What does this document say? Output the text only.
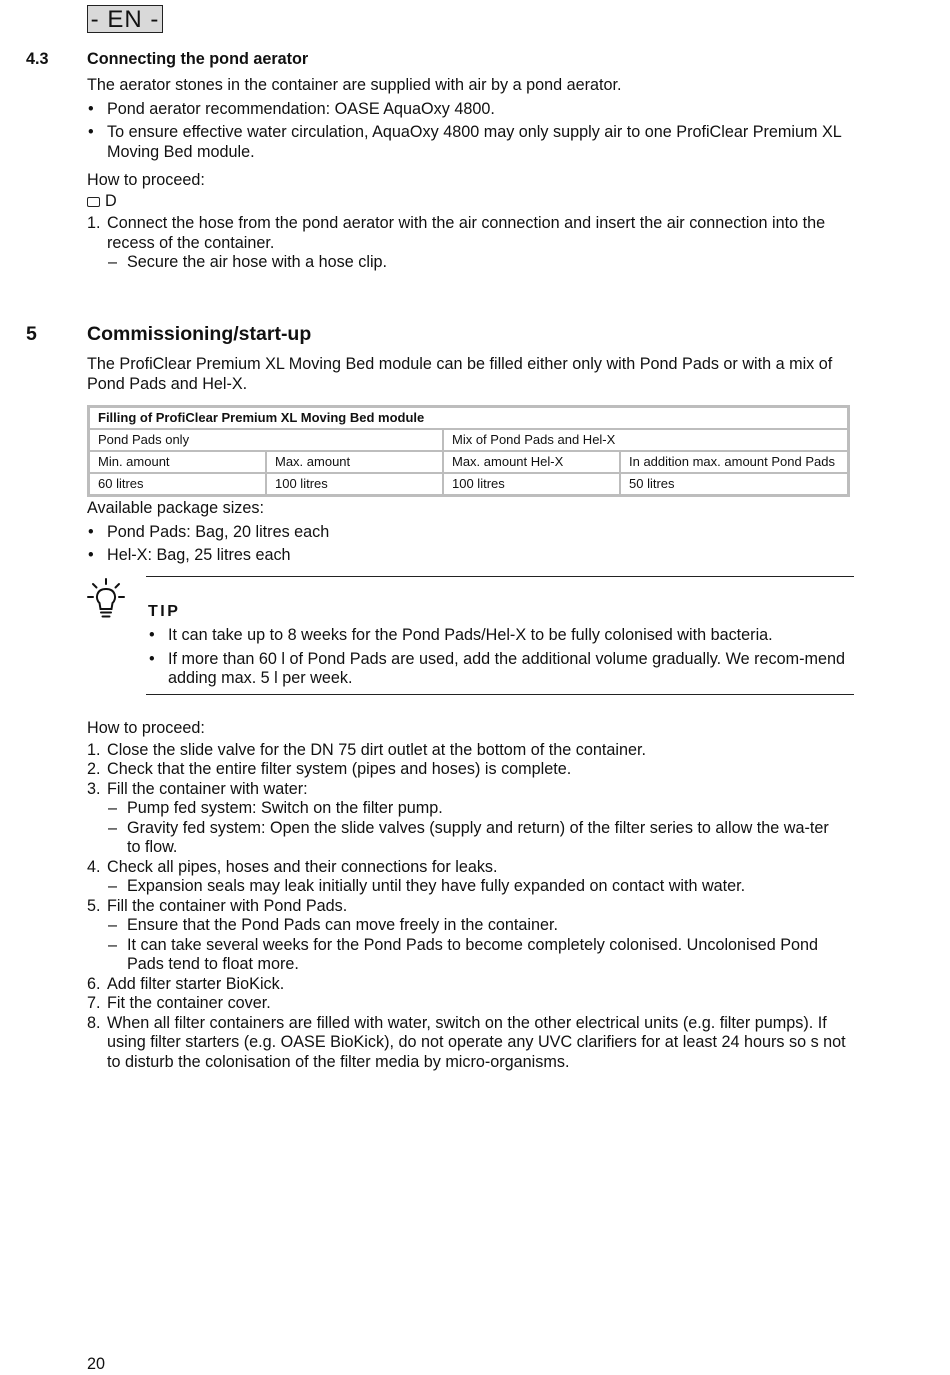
- EN -
4.3 Connecting the pond aerator

The aerator stones in the container are supplied with air by a pond aerator.

• Pond aerator recommendation: OASE AquaOxy 4800.
• To ensure effective water circulation, AquaOxy 4800 may only supply air to one ProfiClear Premium XL Moving Bed module.

How to proceed:

D

1. Connect the hose from the pond aerator with the air connection and insert the air connection into the recess of the container.
– Secure the air hose with a hose clip.
5	Commissioning/start-up

The ProfiClear Premium XL Moving Bed module can be filled either only with Pond Pads or with a mix of Pond Pads and Hel-X.

Filling of ProfiClear Premium XL Moving Bed module			
Pond Pads only		Mix of Pond Pads and Hel-X	
Min. amount	Max. amount	Max. amount Hel-X	In addition max. amount Pond Pads
60 litres	100 litres	100 litres	50 litres

Available package sizes:

• Pond Pads: Bag, 20 litres each
• Hel-X: Bag, 25 litres each
TIP
• It can take up to 8 weeks for the Pond Pads/Hel-X to be fully colonised with bacteria.
• If more than 60 l of Pond Pads are used, add the additional volume gradually. We recom-mend adding max. 5 l per week.

How to proceed:

1. Close the slide valve for the DN 75 dirt outlet at the bottom of the container.
2. Check that the entire filter system (pipes and hoses) is complete.
3. Fill the container with water:
– Pump fed system: Switch on the filter pump.
– Gravity fed system: Open the slide valves (supply and return) of the filter series to allow the wa-ter to flow.
4. Check all pipes, hoses and their connections for leaks.
– Expansion seals may leak initially until they have fully expanded on contact with water.
5. Fill the container with Pond Pads.
– Ensure that the Pond Pads can move freely in the container.
– It can take several weeks for the Pond Pads to become completely colonised. Uncolonised Pond Pads tend to float more.
6. Add filter starter BioKick.
7. Fit the container cover.
8. When all filter containers are filled with water, switch on the other electrical units (e.g. filter pumps). If using filter starters (e.g. OASE BioKick), do not operate any UVC clarifiers for at least 24 hours so s not to disturb the colonisation of the filter media by micro-organisms.
20
